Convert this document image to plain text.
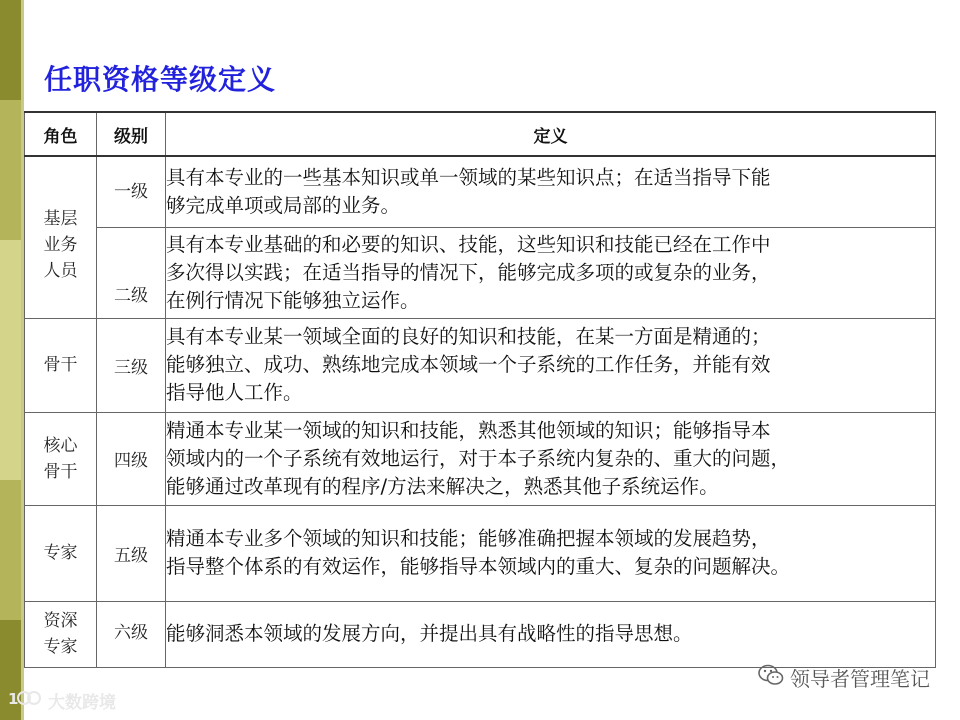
任职资格等级定义
角色	级别	定义

基层
业务
人员	一级	具有本专业的一些基本知识或单一领域的某些知识点；在适当指导下能
够完成单项或局部的业务。

	二级	具有本专业基础的和必要的知识、技能，这些知识和技能已经在工作中
多次得以实践；在适当指导的情况下，能够完成多项的或复杂的业务，
在例行情况下能够独立运作。

骨干	三级	具有本专业某一领域全面的良好的知识和技能，在某一方面是精通的；
能够独立、成功、熟练地完成本领域一个子系统的工作任务，并能有效
指导他人工作。

核心
骨干	四级	精通本专业某一领域的知识和技能，熟悉其他领域的知识；能够指导本
领域内的一个子系统有效地运行，对于本子系统内复杂的、重大的问题，
能够通过改革现有的程序/方法来解决之，熟悉其他子系统运作。

专家	五级	精通本专业多个领域的知识和技能；能够准确把握本领域的发展趋势，
指导整个体系的有效运作，能够指导本领域内的重大、复杂的问题解决。

资深
专家	六级	能够洞悉本领域的发展方向，并提出具有战略性的指导思想。
领导者管理笔记
1 大数跨境
